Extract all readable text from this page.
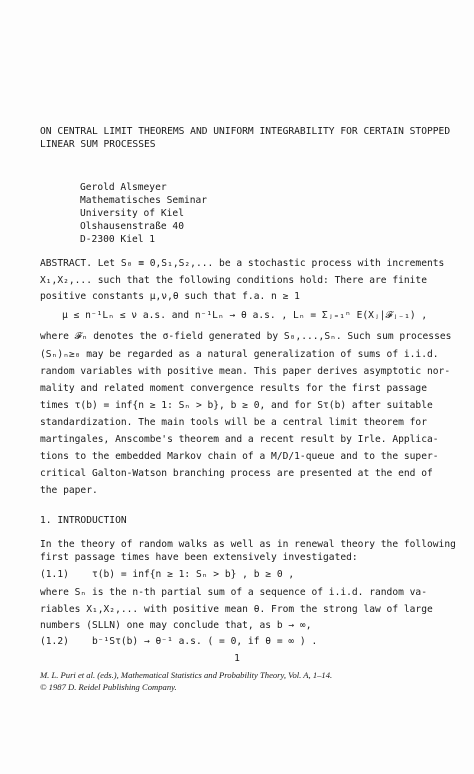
ON CENTRAL LIMIT THEOREMS AND UNIFORM INTEGRABILITY FOR CERTAIN STOPPED
LINEAR SUM PROCESSES
Gerold Alsmeyer
Mathematisches Seminar
University of Kiel
Olshausenstraße 40
D-2300 Kiel 1
ABSTRACT. Let S₀ ≡ 0,S₁,S₂,... be a stochastic process with increments
X₁,X₂,... such that the following conditions hold: There are finite
positive constants μ,ν,θ such that f.a. n ≥ 1
μ ≤ n⁻¹Lₙ ≤ ν a.s. and n⁻¹Lₙ → θ a.s. , Lₙ = Σⱼ₌₁ⁿ E(Xⱼ|𝓕ⱼ₋₁) ,
where 𝓕ₙ denotes the σ-field generated by S₀,...,Sₙ. Such sum processes
(Sₙ)ₙ≥₀ may be regarded as a natural generalization of sums of i.i.d.
random variables with positive mean. This paper derives asymptotic nor-
mality and related moment convergence results for the first passage
times τ(b) = inf{n ≥ 1: Sₙ > b}, b ≥ 0, and for Sτ(b) after suitable
standardization. The main tools will be a central limit theorem for
martingales, Anscombe's theorem and a recent result by Irle. Applica-
tions to the embedded Markov chain of a M/D/1-queue and to the super-
critical Galton-Watson branching process are presented at the end of
the paper.
1. INTRODUCTION
In the theory of random walks as well as in renewal theory the following
first passage times have been extensively investigated:
(1.1)    τ(b) = inf{n ≥ 1: Sₙ > b} , b ≥ 0 ,
where Sₙ is the n-th partial sum of a sequence of i.i.d. random va-
riables X₁,X₂,... with positive mean θ. From the strong law of large
numbers (SLLN) one may conclude that, as b → ∞,
(1.2)    b⁻¹Sτ(b) → θ⁻¹ a.s. ( = 0, if θ = ∞ ) .
1
M. L. Puri et al. (eds.), Mathematical Statistics and Probability Theory, Vol. A, 1–14.
© 1987 D. Reidel Publishing Company.
